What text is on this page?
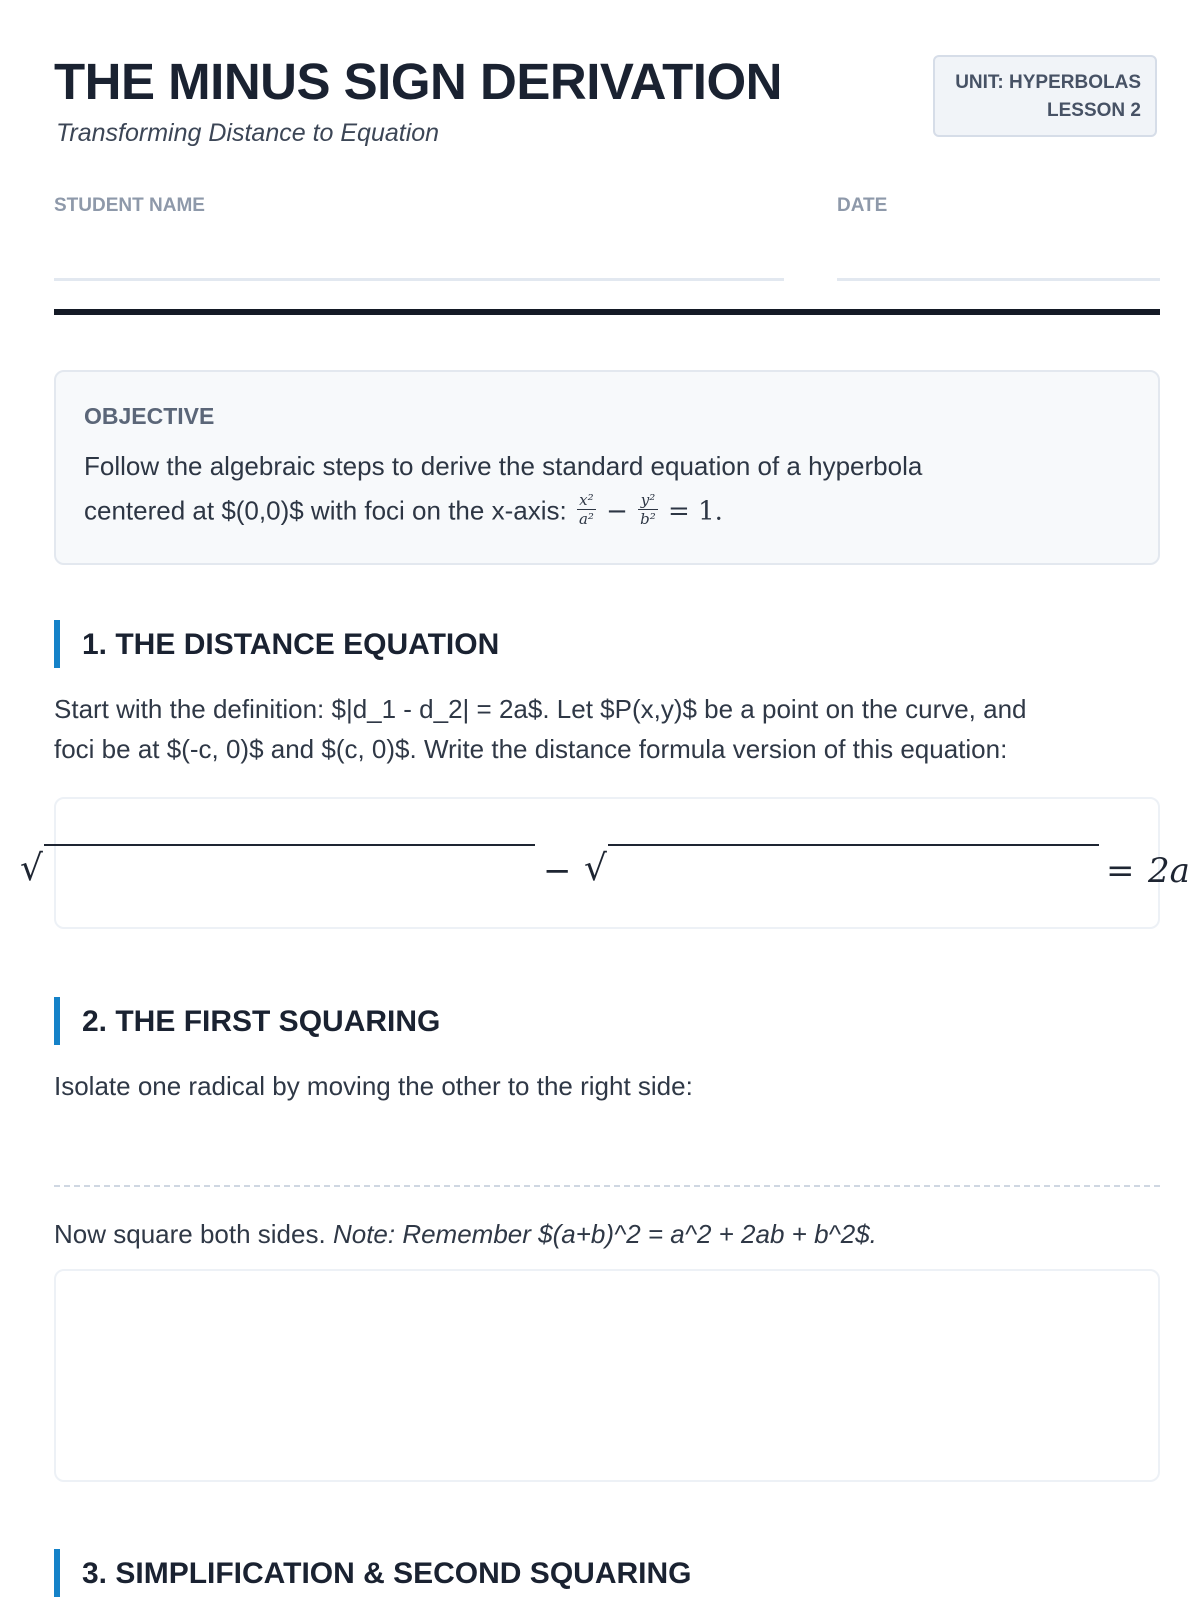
THE MINUS SIGN DERIVATION

Transforming Distance to Equation

UNIT: HYPERBOLAS
LESSON 2
STUDENT NAME	DATE
OBJECTIVE
Follow the algebraic steps to derive the standard equation of a hyperbola
centered at $(0,0)$ with foci on the x-axis: $\frac{\text{x²}}{\text{a²}} - \frac{\text{y²}}{\text{b²}} = 1$.
1. THE DISTANCE EQUATION

Start with the definition: $|d_1 - d_2| = 2a$. Let $P(x,y)$ be a point on the curve, and

foci be at $(-c, 0)$ and $(c, 0)$. Write the distance formula version of this equation:

√	− √	= 2a
2. THE FIRST SQUARING

Isolate one radical by moving the other to the right side:

Now square both sides. Note: Remember $(a+b)^2 = a^2 + 2ab + b^2$.

3. SIMPLIFICATION & SECOND SQUARING
